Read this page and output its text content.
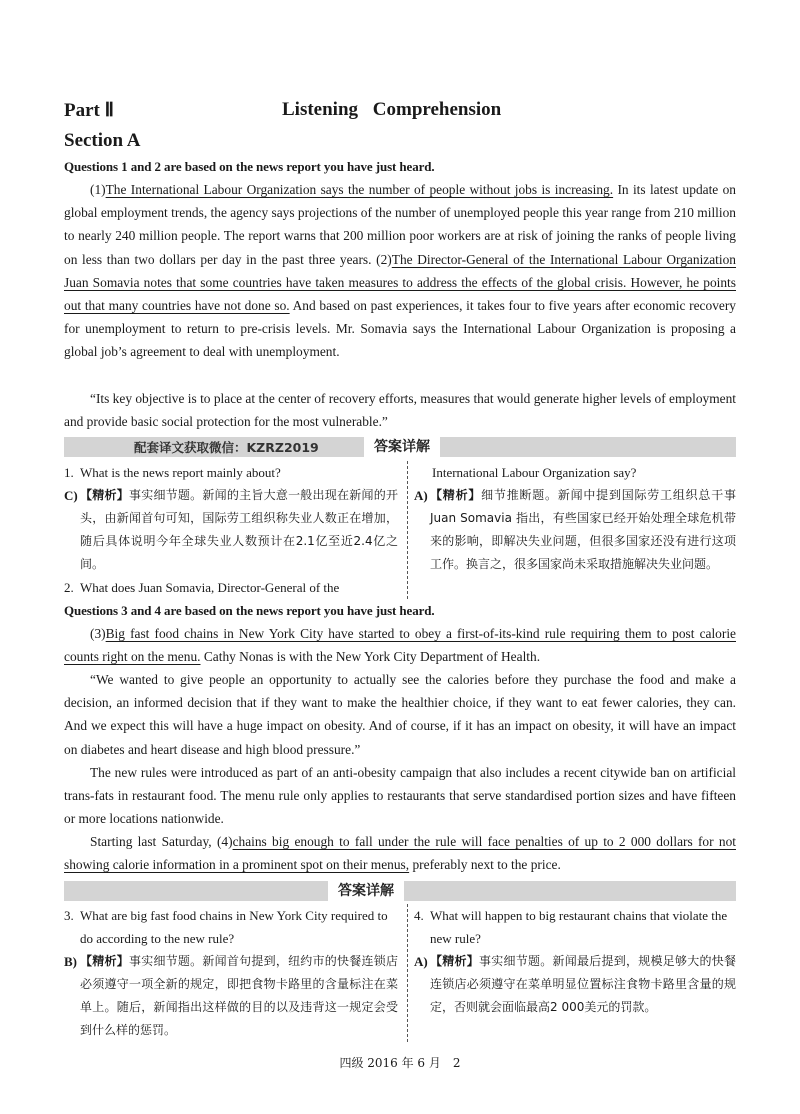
Part Ⅱ	Listening Comprehension
Section A
Questions 1 and 2 are based on the news report you have just heard.

(1)The International Labour Organization says the number of people without jobs is increasing. In its latest update on global employment trends, the agency says projections of the number of unemployed people this year range from 210 million to nearly 240 million people. The report warns that 200 million poor workers are at risk of joining the ranks of people living on less than two dollars per day in the past three years. (2)The Director-General of the International Labour Organization Juan Somavia notes that some countries have taken measures to address the effects of the global crisis. However, he points out that many countries have not done so. And based on past experiences, it takes four to five years after economic recovery for unemployment to return to pre-crisis levels. Mr. Somavia says the International Labour Organization is proposing a global job’s agreement to deal with unemployment.

“Its key objective is to place at the center of recovery efforts, measures that would generate higher levels of employment and provide basic social protection for the most vulnerable.”

配套译文获取微信：KZRZ2019	答案详解
1. What is the news report mainly about?
C) 【精析】事实细节题。新闻的主旨大意一般出现在新闻的开头，由新闻首句可知，国际劳工组织称失业人数正在增加，随后具体说明今年全球失业人数预计在2.1亿至近2.4亿之间。
2. What does Juan Somavia, Director-General of the
International Labour Organization say?
A) 【精析】细节推断题。新闻中提到国际劳工组织总干事 Juan Somavia 指出，有些国家已经开始处理全球危机带来的影响，即解决失业问题，但很多国家还没有进行这项工作。换言之，很多国家尚未采取措施解决失业问题。
Questions 3 and 4 are based on the news report you have just heard.

(3)Big fast food chains in New York City have started to obey a first-of-its-kind rule requiring them to post calorie counts right on the menu. Cathy Nonas is with the New York City Department of Health.

“We wanted to give people an opportunity to actually see the calories before they purchase the food and make a decision, an informed decision that if they want to make the healthier choice, if they want to eat fewer calories, they can. And we expect this will have a huge impact on obesity. And of course, if it has an impact on obesity, it will have an impact on diabetes and heart disease and high blood pressure.”

The new rules were introduced as part of an anti-obesity campaign that also includes a recent citywide ban on artificial trans-fats in restaurant food. The menu rule only applies to restaurants that serve standardised portion sizes and have fifteen or more locations nationwide.

Starting last Saturday, (4)chains big enough to fall under the rule will face penalties of up to 2 000 dollars for not showing calorie information in a prominent spot on their menus, preferably next to the price.

答案详解
3. What are big fast food chains in New York City required to do according to the new rule?
B) 【精析】事实细节题。新闻首句提到，纽约市的快餐连锁店必须遵守一项全新的规定，即把食物卡路里的含量标注在菜单上。随后，新闻指出这样做的目的以及违背这一规定会受到什么样的惩罚。
4. What will happen to big restaurant chains that violate the new rule?
A) 【精析】事实细节题。新闻最后提到，规模足够大的快餐连锁店必须遵守在菜单明显位置标注食物卡路里含量的规定，否则就会面临最高2 000美元的罚款。
四级 2016 年 6 月　2
